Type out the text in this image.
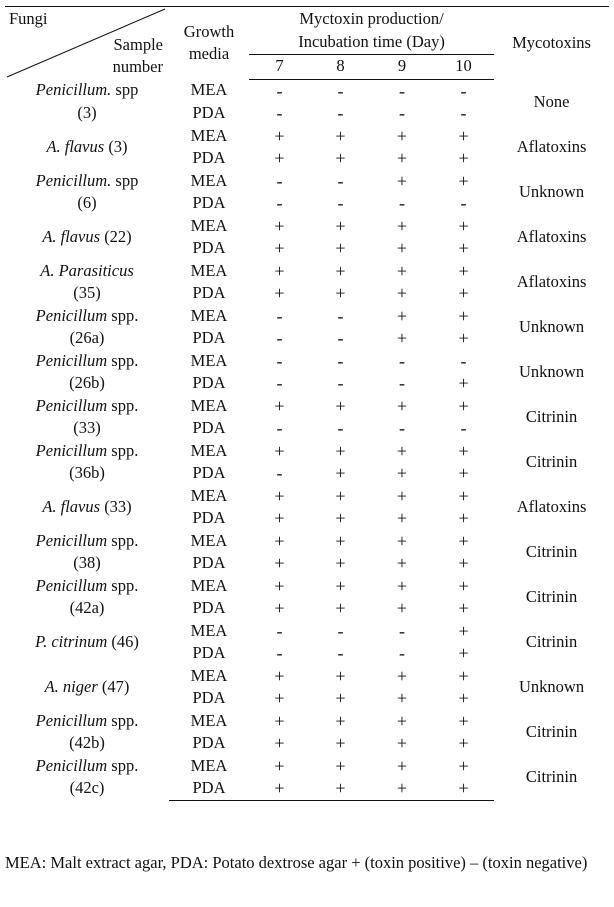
Fungi
Sample
number	Growth
media	Myctoxin production/				Mycotoxins
		Incubation time (Day)				
		7	8	9	10	
Penicillum. spp
(3)	MEA	-	-	-	-	None
	PDA	-	-	-	-	
A. flavus (3)	MEA	+	+	+	+	Aflatoxins
	PDA	+	+	+	+	
Penicillum. spp
(6)	MEA	-	-	+	+	Unknown
	PDA	-	-	-	-	
A. flavus (22)	MEA	+	+	+	+	Aflatoxins
	PDA	+	+	+	+	
A. Parasiticus
(35)	MEA	+	+	+	+	Aflatoxins
	PDA	+	+	+	+	
Penicillum spp.
(26a)	MEA	-	-	+	+	Unknown
	PDA	-	-	+	+	
Penicillum spp.
(26b)	MEA	-	-	-	-	Unknown
	PDA	-	-	-	+	
Penicillum spp.
(33)	MEA	+	+	+	+	Citrinin
	PDA	-	-	-	-	
Penicillum spp.
(36b)	MEA	+	+	+	+	Citrinin
	PDA	-	+	+	+	
A. flavus (33)	MEA	+	+	+	+	Aflatoxins
	PDA	+	+	+	+	
Penicillum spp.
(38)	MEA	+	+	+	+	Citrinin
	PDA	+	+	+	+	
Penicillum spp.
(42a)	MEA	+	+	+	+	Citrinin
	PDA	+	+	+	+	
P. citrinum (46)	MEA	-	-	-	+	Citrinin
	PDA	-	-	-	+	
A. niger (47)	MEA	+	+	+	+	Unknown
	PDA	+	+	+	+	
Penicillum spp.
(42b)	MEA	+	+	+	+	Citrinin
	PDA	+	+	+	+	
Penicillum spp.
(42c)	MEA	+	+	+	+	Citrinin
	PDA	+	+	+	+	
MEA: Malt extract agar, PDA: Potato dextrose agar + (toxin positive) – (toxin negative)
